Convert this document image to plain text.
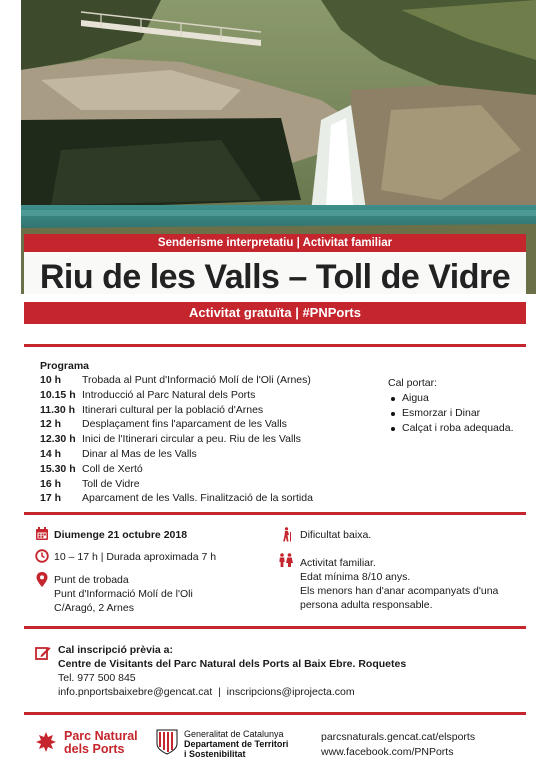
Senderisme interpretatiu | Activitat familiar
Riu de les Valls – Toll de Vidre
Activitat gratuïta | #PNPorts
Programa
10 h Trobada al Punt d'Informació Molí de l'Oli (Arnes)
10.15 h Introducció al Parc Natural dels Ports
11.30 h Itinerari cultural per la població d'Arnes
12 h Desplaçament fins l'aparcament de les Valls
12.30 h Inici de l'Itinerari circular a peu. Riu de les Valls
14 h Dinar al Mas de les Valls
15.30 h Coll de Xertó
16 h Toll de Vidre
17 h Aparcament de les Valls. Finalització de la sortida
Cal portar:
Aigua
Esmorzar i Dinar
Calçat i roba adequada.
Diumenge 21 octubre 2018
10 – 17 h | Durada aproximada 7 h
Punt de trobada
Punt d'Informació Molí de l'Oli
C/Aragó, 2 Arnes
Dificultat baixa.
Activitat familiar.
Edat mínima 8/10 anys.
Els menors han d'anar acompanyats d'una
persona adulta responsable.
Cal inscripció prèvia a:
Centre de Visitants del Parc Natural dels Ports al Baix Ebre. Roquetes
Tel. 977 500 845
info.pnportsbaixebre@gencat.cat  |  inscripcions@iprojecta.com
Parc Natural
dels Ports
Generalitat de Catalunya
Departament de Territori
i Sostenibilitat
parcsnaturals.gencat.cat/elsports
www.facebook.com/PNPorts
